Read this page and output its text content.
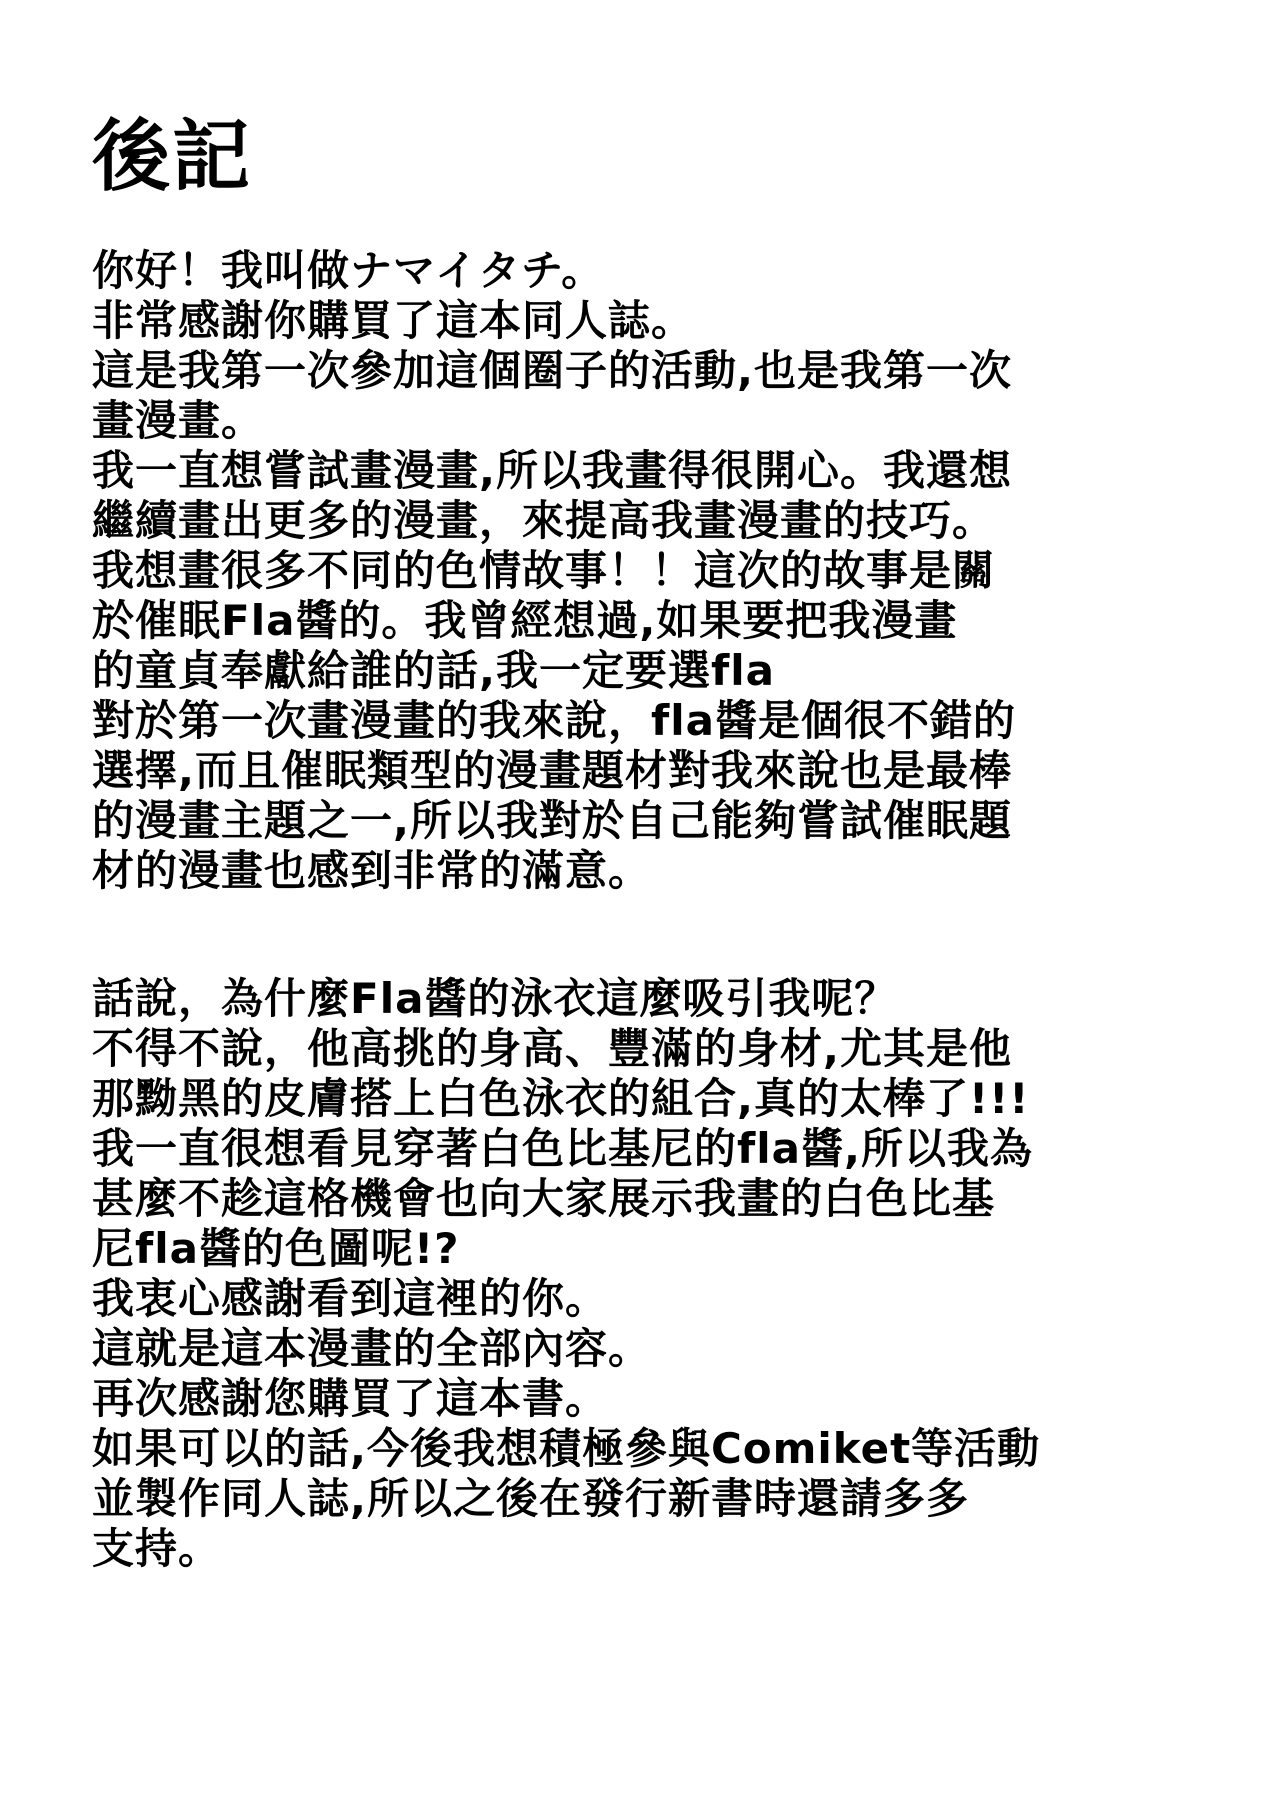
後記
你好！我叫做ナマイタチ。
非常感謝你購買了這本同人誌。
這是我第一次參加這個圈子的活動,也是我第一次
畫漫畫。
我一直想嘗試畫漫畫,所以我畫得很開心。我還想
繼續畫出更多的漫畫，來提高我畫漫畫的技巧。
我想畫很多不同的色情故事！！這次的故事是關
於催眠Fla醬的。我曾經想過,如果要把我漫畫
的童貞奉獻給誰的話,我一定要選fla
對於第一次畫漫畫的我來說，fla醬是個很不錯的
選擇,而且催眠類型的漫畫題材對我來說也是最棒
的漫畫主題之一,所以我對於自己能夠嘗試催眠題
材的漫畫也感到非常的滿意。
話說，為什麼Fla醬的泳衣這麼吸引我呢？
不得不說，他高挑的身高、豐滿的身材,尤其是他
那黝黑的皮膚搭上白色泳衣的組合,真的太棒了!!!
我一直很想看見穿著白色比基尼的fla醬,所以我為
甚麼不趁這格機會也向大家展示我畫的白色比基
尼fla醬的色圖呢!?
我衷心感謝看到這裡的你。
這就是這本漫畫的全部內容。
再次感謝您購買了這本書。
如果可以的話,今後我想積極參與Comiket等活動
並製作同人誌,所以之後在發行新書時還請多多
支持。
